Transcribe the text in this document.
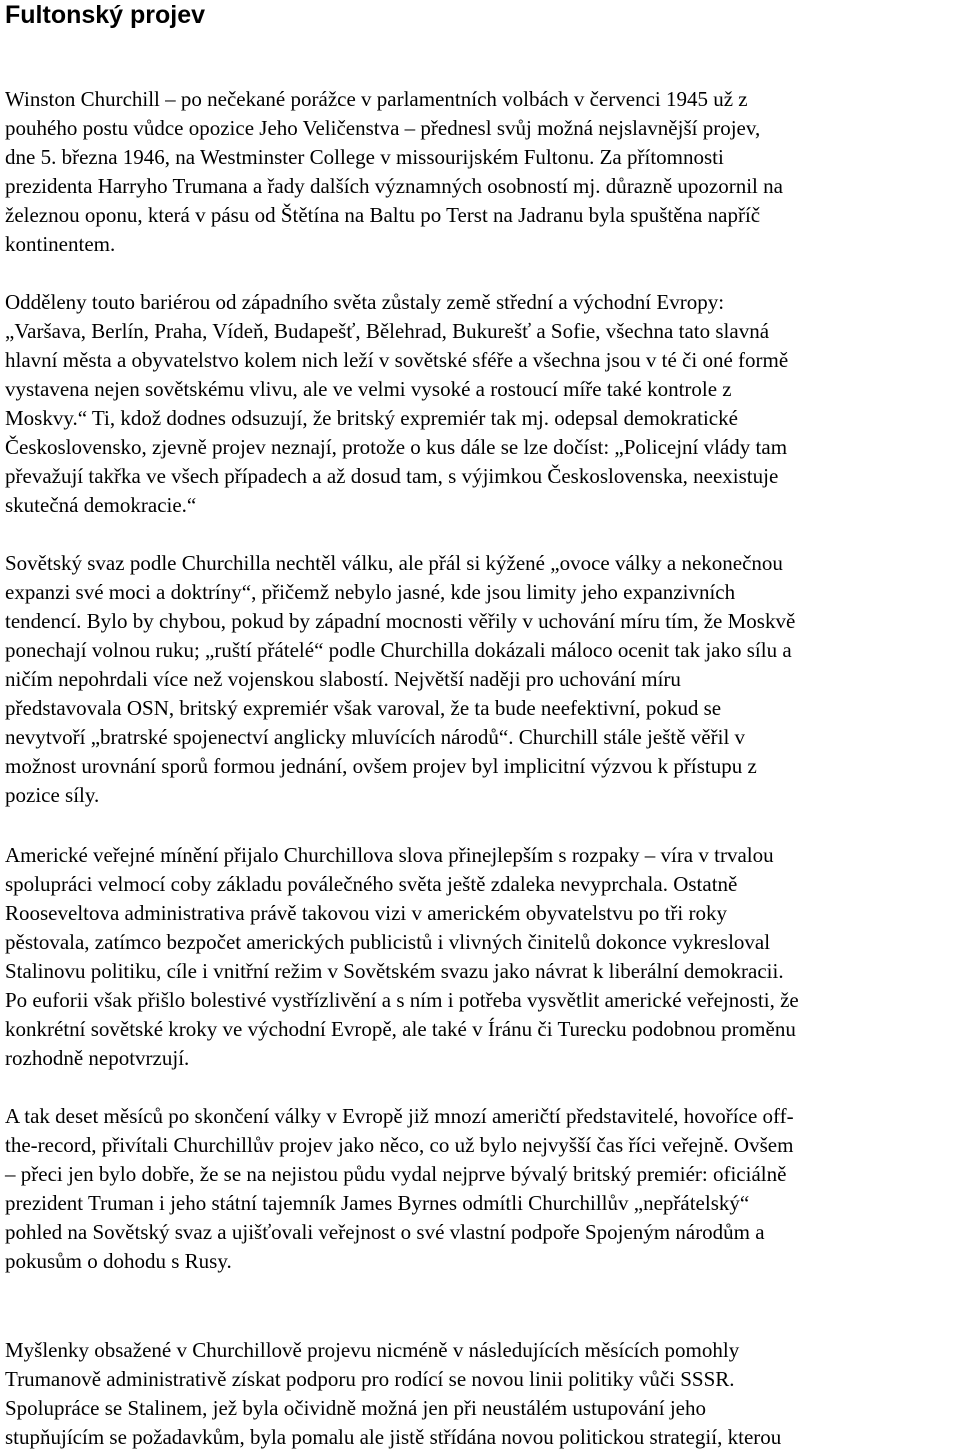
Fultonský projev

Winston Churchill – po nečekané porážce v parlamentních volbách v červenci 1945 už z

pouhého postu vůdce opozice Jeho Veličenstva – přednesl svůj možná nejslavnější projev,

dne 5. března 1946, na Westminster College v missourijském Fultonu. Za přítomnosti

prezidenta Harryho Trumana a řady dalších významných osobností mj. důrazně upozornil na

železnou oponu, která v pásu od Štětína na Baltu po Terst na Jadranu byla spuštěna napříč

kontinentem.

Odděleny touto bariérou od západního světa zůstaly země střední a východní Evropy:

„Varšava, Berlín, Praha, Vídeň, Budapešť, Bělehrad, Bukurešť a Sofie, všechna tato slavná

hlavní města a obyvatelstvo kolem nich leží v sovětské sféře a všechna jsou v té či oné formě

vystavena nejen sovětskému vlivu, ale ve velmi vysoké a rostoucí míře také kontrole z

Moskvy.“ Ti, kdož dodnes odsuzují, že britský expremiér tak mj. odepsal demokratické

Československo, zjevně projev neznají, protože o kus dále se lze dočíst: „Policejní vlády tam

převažují takřka ve všech případech a až dosud tam, s výjimkou Československa, neexistuje

skutečná demokracie.“

Sovětský svaz podle Churchilla nechtěl válku, ale přál si kýžené „ovoce války a nekonečnou

expanzi své moci a doktríny“, přičemž nebylo jasné, kde jsou limity jeho expanzivních

tendencí. Bylo by chybou, pokud by západní mocnosti věřily v uchování míru tím, že Moskvě

ponechají volnou ruku; „ruští přátelé“ podle Churchilla dokázali máloco ocenit tak jako sílu a

ničím nepohrdali více než vojenskou slabostí. Největší naději pro uchování míru

představovala OSN, britský expremiér však varoval, že ta bude neefektivní, pokud se

nevytvoří „bratrské spojenectví anglicky mluvících národů“. Churchill stále ještě věřil v

možnost urovnání sporů formou jednání, ovšem projev byl implicitní výzvou k přístupu z

pozice síly.

Americké veřejné mínění přijalo Churchillova slova přinejlepším s rozpaky – víra v trvalou

spolupráci velmocí coby základu poválečného světa ještě zdaleka nevyprchala. Ostatně

Rooseveltova administrativa právě takovou vizi v americkém obyvatelstvu po tři roky

pěstovala, zatímco bezpočet amerických publicistů i vlivných činitelů dokonce vykresloval

Stalinovu politiku, cíle i vnitřní režim v Sovětském svazu jako návrat k liberální demokracii.

Po euforii však přišlo bolestivé vystřízlivění a s ním i potřeba vysvětlit americké veřejnosti, že

konkrétní sovětské kroky ve východní Evropě, ale také v Íránu či Turecku podobnou proměnu

rozhodně nepotvrzují.

A tak deset měsíců po skončení války v Evropě již mnozí američtí představitelé, hovoříce off-

the-record, přivítali Churchillův projev jako něco, co už bylo nejvyšší čas říci veřejně. Ovšem

– přeci jen bylo dobře, že se na nejistou půdu vydal nejprve bývalý britský premiér: oficiálně

prezident Truman i jeho státní tajemník James Byrnes odmítli Churchillův „nepřátelský“

pohled na Sovětský svaz a ujišťovali veřejnost o své vlastní podpoře Spojeným národům a

pokusům o dohodu s Rusy.

Myšlenky obsažené v Churchillově projevu nicméně v následujících měsících pomohly

Trumanově administrativě získat podporu pro rodící se novou linii politiky vůči SSSR.

Spolupráce se Stalinem, jež byla očividně možná jen při neustálém ustupování jeho

stupňujícím se požadavkům, byla pomalu ale jistě střídána novou politickou strategií, kterou
